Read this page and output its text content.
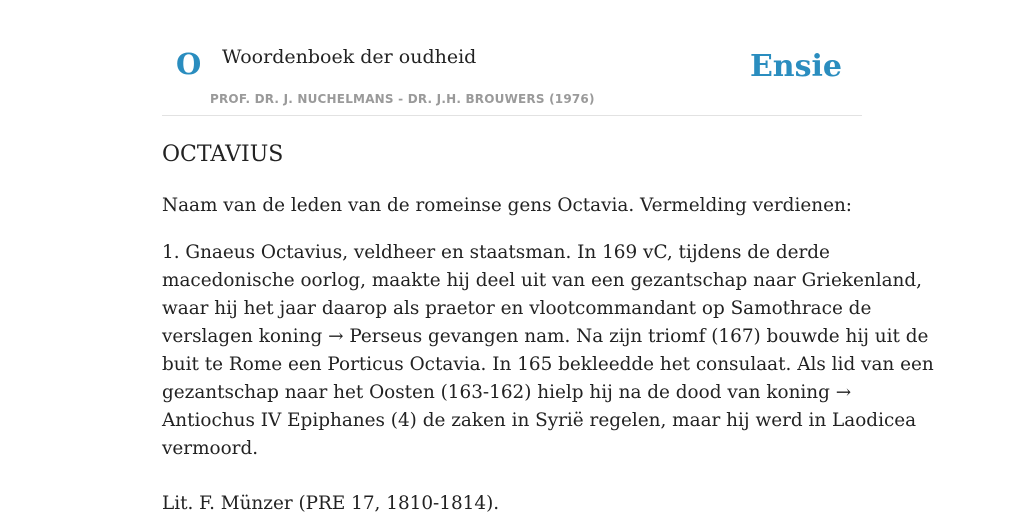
O Woordenboek der oudheid
PROF. DR. J. NUCHELMANS - DR. J.H. BROUWERS (1976)
Ensie
OCTAVIUS

Naam van de leden van de romeinse gens Octavia. Vermelding verdienen:

1. Gnaeus Octavius, veldheer en staatsman. In 169 vC, tijdens de derde
macedonische oorlog, maakte hij deel uit van een gezantschap naar Griekenland,
waar hij het jaar daarop als praetor en vlootcommandant op Samothrace de
verslagen koning → Perseus gevangen nam. Na zijn triomf (167) bouwde hij uit de
buit te Rome een Porticus Octavia. In 165 bekleedde het consulaat. Als lid van een
gezantschap naar het Oosten (163-162) hielp hij na de dood van koning →
Antiochus IV Epiphanes (4) de zaken in Syrië regelen, maar hij werd in Laodicea
vermoord.

Lit. F. Münzer (PRE 17, 1810-1814).
